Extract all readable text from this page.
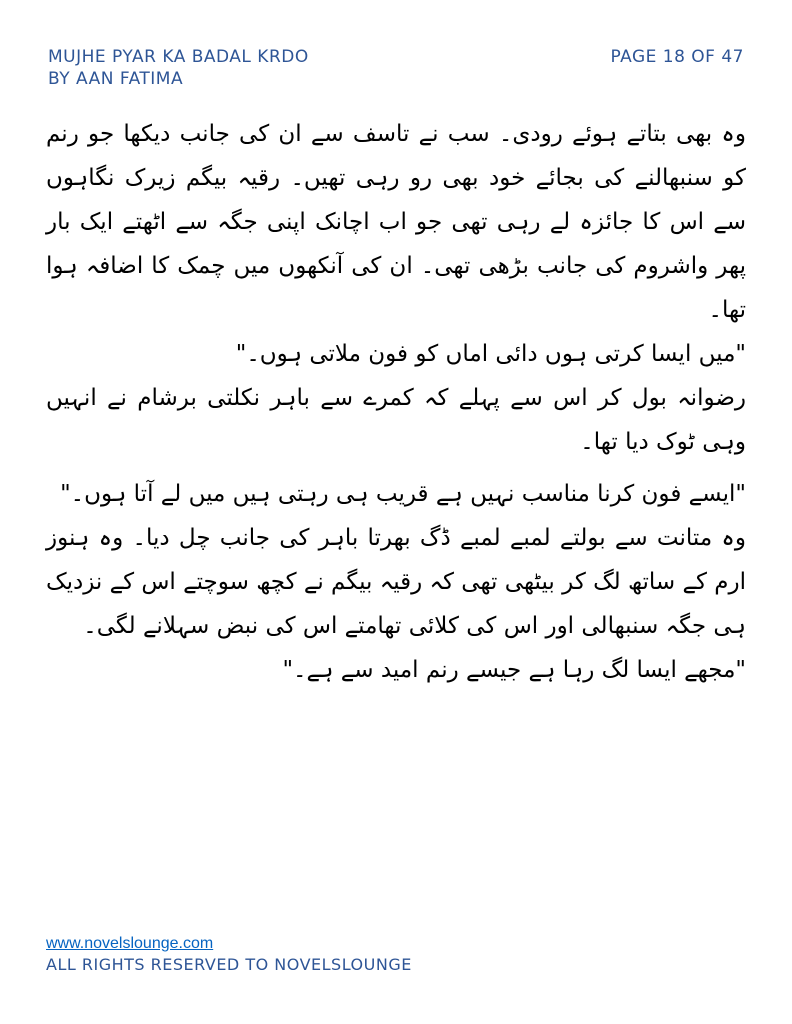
MUJHE PYAR KA BADAL KRDO
BY AAN FATIMA
PAGE 18 OF 47

وہ بھی بتاتے ہوئے رودی۔ سب نے تاسف سے ان کی جانب دیکھا جو رنم کو سنبھالنے کی بجائے خود بھی رو رہی تھیں۔ رقیہ بیگم زیرک نگاہوں سے اس کا جائزہ لے رہی تھی جو اب اچانک اپنی جگہ سے اٹھتے ایک بار پھر واشروم کی جانب بڑھی تھی۔ ان کی آنکھوں میں چمک کا اضافہ ہوا تھا۔

"میں ایسا کرتی ہوں دائی اماں کو فون ملاتی ہوں۔"

رضوانہ بول کر اس سے پہلے کہ کمرے سے باہر نکلتی برشام نے انہیں وہی ٹوک دیا تھا۔

"ایسے فون کرنا مناسب نہیں ہے قریب ہی رہتی ہیں میں لے آتا ہوں۔"

وہ متانت سے بولتے لمبے لمبے ڈگ بھرتا باہر کی جانب چل دیا۔ وہ ہنوز ارم کے ساتھ لگ کر بیٹھی تھی کہ رقیہ بیگم نے کچھ سوچتے اس کے نزدیک ہی جگہ سنبھالی اور اس کی کلائی تھامتے اس کی نبض سہلانے لگی۔

"مجھے ایسا لگ رہا ہے جیسے رنم امید سے ہے۔"

www.novelslounge.com
ALL RIGHTS RESERVED TO NOVELSLOUNGE
